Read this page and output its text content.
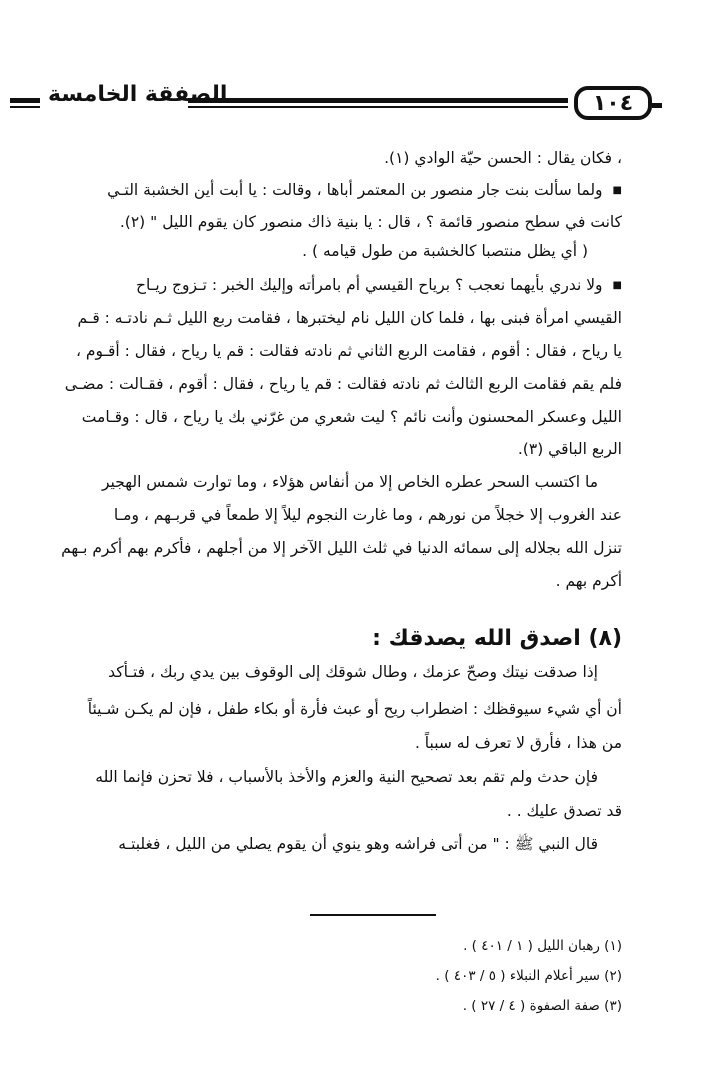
١٠٤
الصفقة الخامسة
، فكان يقال : الحسن حيّة الوادي (١).
■ ولما سألت بنت جار منصور بن المعتمر أباها ، وقالت : يا أبت أين الخشبة التـي
كانت في سطح منصور قائمة ؟ ، قال : يا بنية ذاك منصور كان يقوم الليل " (٢).
( أي يظل منتصبا كالخشبة من طول قيامه ) .
■ ولا ندري بأيهما نعجب ؟ برياح القيسي أم بامرأته وإليك الخبر : تـزوج ريـاح
القيسي امرأة فبنى بها ، فلما كان الليل نام ليختبرها ، فقامت ربع الليل ثـم نادتـه : قـم
يا رياح ، فقال : أقوم ، فقامت الربع الثاني ثم نادته فقالت : قم يا رياح ، فقال : أقـوم ،
فلم يقم فقامت الربع الثالث ثم نادته فقالت : قم يا رياح ، فقال : أقوم ، فقـالت : مضـى
الليل وعسكر المحسنون وأنت نائم ؟ ليت شعري من غرّني بك يا رياح ، قال : وقـامت
الربع الباقي (٣).
ما اكتسب السحر عطره الخاص إلا من أنفاس هؤلاء ، وما توارت شمس الهجير
عند الغروب إلا خجلاً من نورهم ، وما غارت النجوم ليلاً إلا طمعاً في قربـهم ، ومـا
تنزل الله بجلاله إلى سمائه الدنيا في ثلث الليل الآخر إلا من أجلهم ، فأكرم بهم أكرم بـهم
أكرم بهم .
(٨) اصدق الله يصدقك :
إذا صدقت نيتك وصحّ عزمك ، وطال شوقك إلى الوقوف بين يدي ربك ، فتـأكد
أن أي شيء سيوقظك : اضطراب ريح أو عبث فأرة أو بكاء طفل ، فإن لم يكـن شـيئاً
من هذا ، فأرق لا تعرف له سبباً .
فإن حدث ولم تقم بعد تصحيح النية والعزم والأخذ بالأسباب ، فلا تحزن فإنما الله
قد تصدق عليك . .
قال النبي ﷺ : " من أتى فراشه وهو ينوي أن يقوم يصلي من الليل ، فغلبتـه
(١) رهبان الليل ( ١ / ٤٠١ ) .
(٢) سير أعلام النبلاء ( ٥ / ٤٠٣ ) .
(٣) صفة الصفوة ( ٤ / ٢٧ ) .
